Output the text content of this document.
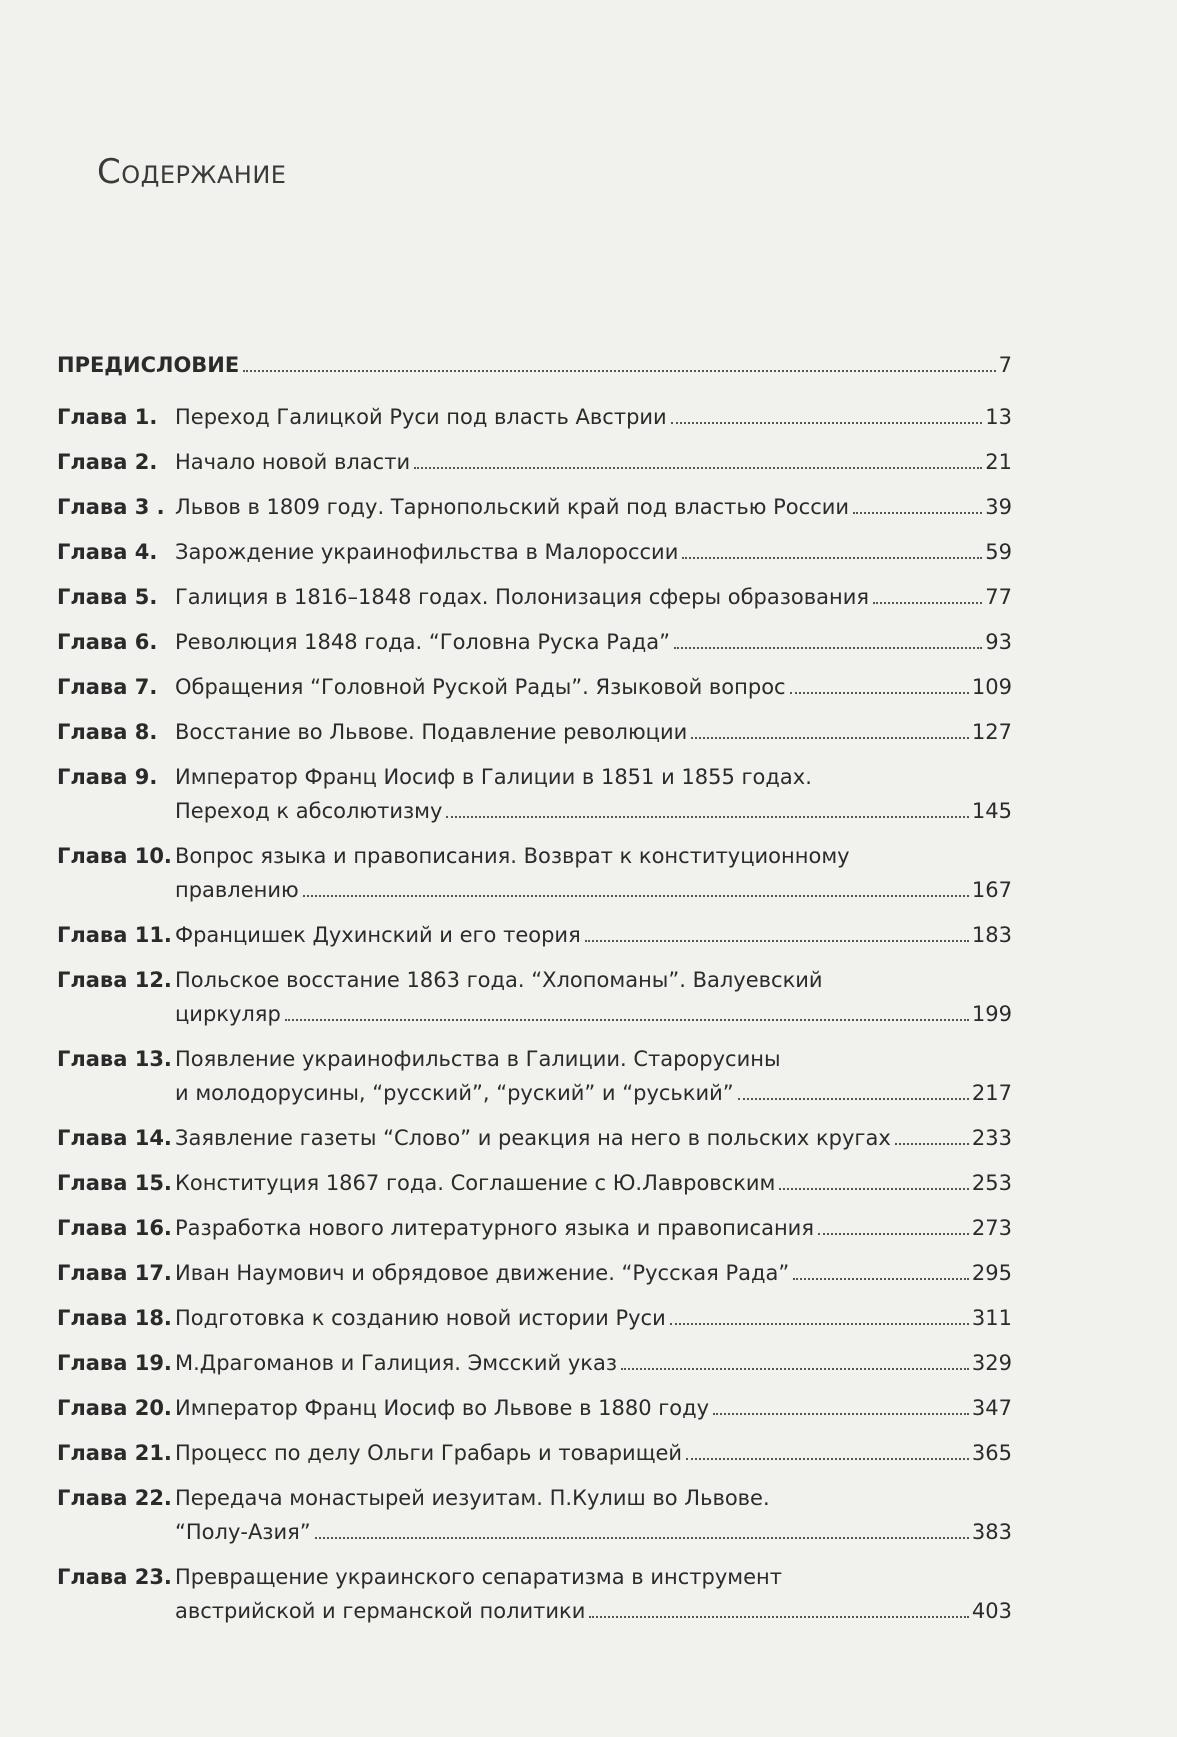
Содержание
ПРЕДИСЛОВИЕ	7
Глава 1. Переход Галицкой Руси под власть Австрии	13
Глава 2. Начало новой власти	21
Глава 3 . Львов в 1809 году. Тарнопольский край под властью России	39
Глава 4. Зарождение украинофильства в Малороссии	59
Глава 5. Галиция в 1816–1848 годах. Полонизация сферы образования	77
Глава 6. Революция 1848 года. “Головна Руска Рада”	93
Глава 7. Обращения “Головной Руской Рады”. Языковой вопрос	109
Глава 8. Восстание во Львове. Подавление революции	127
Глава 9. Император Франц Иосиф в Галиции в 1851 и 1855 годах.
Переход к абсолютизму	145
Глава 10. Вопрос языка и правописания. Возврат к конституционному
правлению	167
Глава 11. Францишек Духинский и его теория	183
Глава 12. Польское восстание 1863 года. “Хлопоманы”. Валуевский
циркуляр	199
Глава 13. Появление украинофильства в Галиции. Старорусины
и молодорусины, “русский”, “руский” и “руський”	217
Глава 14. Заявление газеты “Слово” и реакция на него в польских кругах	233
Глава 15. Конституция 1867 года. Соглашение с Ю.Лавровским	253
Глава 16. Разработка нового литературного языка и правописания	273
Глава 17. Иван Наумович и обрядовое движение. “Русская Рада”	295
Глава 18. Подготовка к созданию новой истории Руси	311
Глава 19. М.Драгоманов и Галиция. Эмсский указ	329
Глава 20. Император Франц Иосиф во Львове в 1880 году	347
Глава 21. Процесс по делу Ольги Грабарь и товарищей	365
Глава 22. Передача монастырей иезуитам. П.Кулиш во Львове.
“Полу-Азия”	383
Глава 23. Превращение украинского сепаратизма в инструмент
австрийской и германской политики	403
